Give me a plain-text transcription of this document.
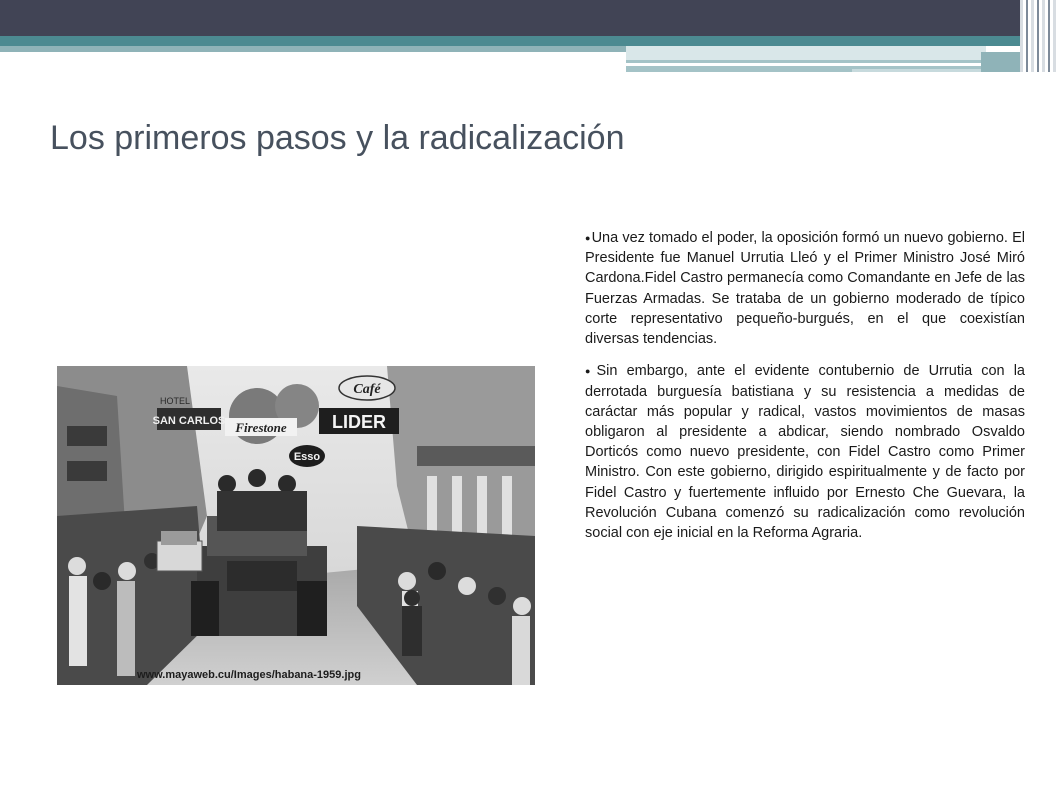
Los primeros pasos y la radicalización
SAN CARLOS
HOTEL
Firestone	LIDER
Café
Esso
www.mayaweb.cu/Images/habana-1959.jpg

●Una vez tomado el poder, la oposición formó un nuevo gobierno. El Presidente fue Manuel Urrutia Lleó y el Primer Ministro José Miró Cardona.Fidel Castro permanecía como Comandante en Jefe de las Fuerzas Armadas. Se trataba de un gobierno moderado de típico corte representativo pequeño-burgués, en el que coexistían diversas tendencias.

●Sin embargo, ante el evidente contubernio de Urrutia con la derrotada burguesía batistiana y su resistencia a medidas de caráctar más popular y radical, vastos movimientos de masas obligaron al presidente a abdicar, siendo nombrado Osvaldo Dorticós como nuevo presidente, con Fidel Castro como Primer Ministro. Con este gobierno, dirigido espiritualmente y de facto por Fidel Castro y fuertemente influido por Ernesto Che Guevara, la Revolución Cubana comenzó su radicalización como revolución social con eje inicial en la Reforma Agraria.
